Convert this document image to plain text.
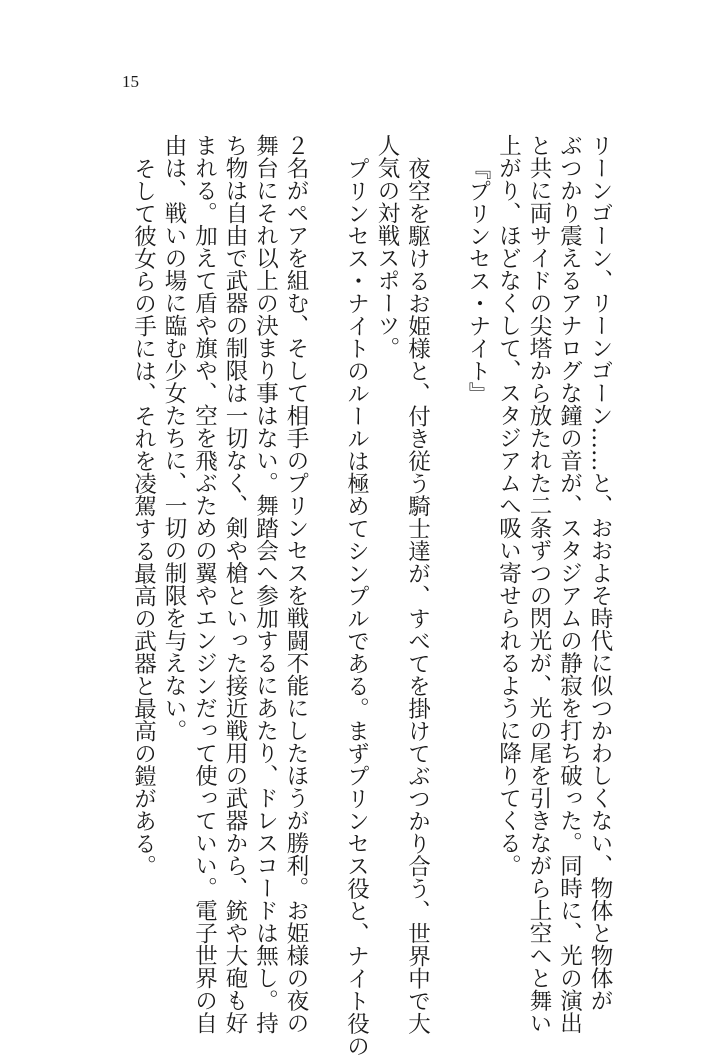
15

リーンゴーン、リーンゴーン……と、おおよそ時代に似つかわしくない、物体と物体が

ぶつかり震えるアナログな鐘の音が、スタジアムの静寂を打ち破った。同時に、光の演出

と共に両サイドの尖塔から放たれた二条ずつの閃光が、光の尾を引きながら上空へと舞い

上がり、ほどなくして、スタジアムへ吸い寄せられるように降りてくる。

『プリンセス・ナイト』

夜空を駆けるお姫様と、付き従う騎士達が、すべてを掛けてぶつかり合う、世界中で大

人気の対戦スポーツ。

プリンセス・ナイトのルールは極めてシンプルである。まずプリンセス役と、ナイト役の

２名がペアを組む、そして相手のプリンセスを戦闘不能にしたほうが勝利。お姫様の夜の

舞台にそれ以上の決まり事はない。舞踏会へ参加するにあたり、ドレスコードは無し。持

ち物は自由で武器の制限は一切なく、剣や槍といった接近戦用の武器から、銃や大砲も好

まれる。加えて盾や旗や、空を飛ぶための翼やエンジンだって使っていい。電子世界の自

由は、戦いの場に臨む少女たちに、一切の制限を与えない。

そして彼女らの手には、それを凌駕する最高の武器と最高の鎧がある。
